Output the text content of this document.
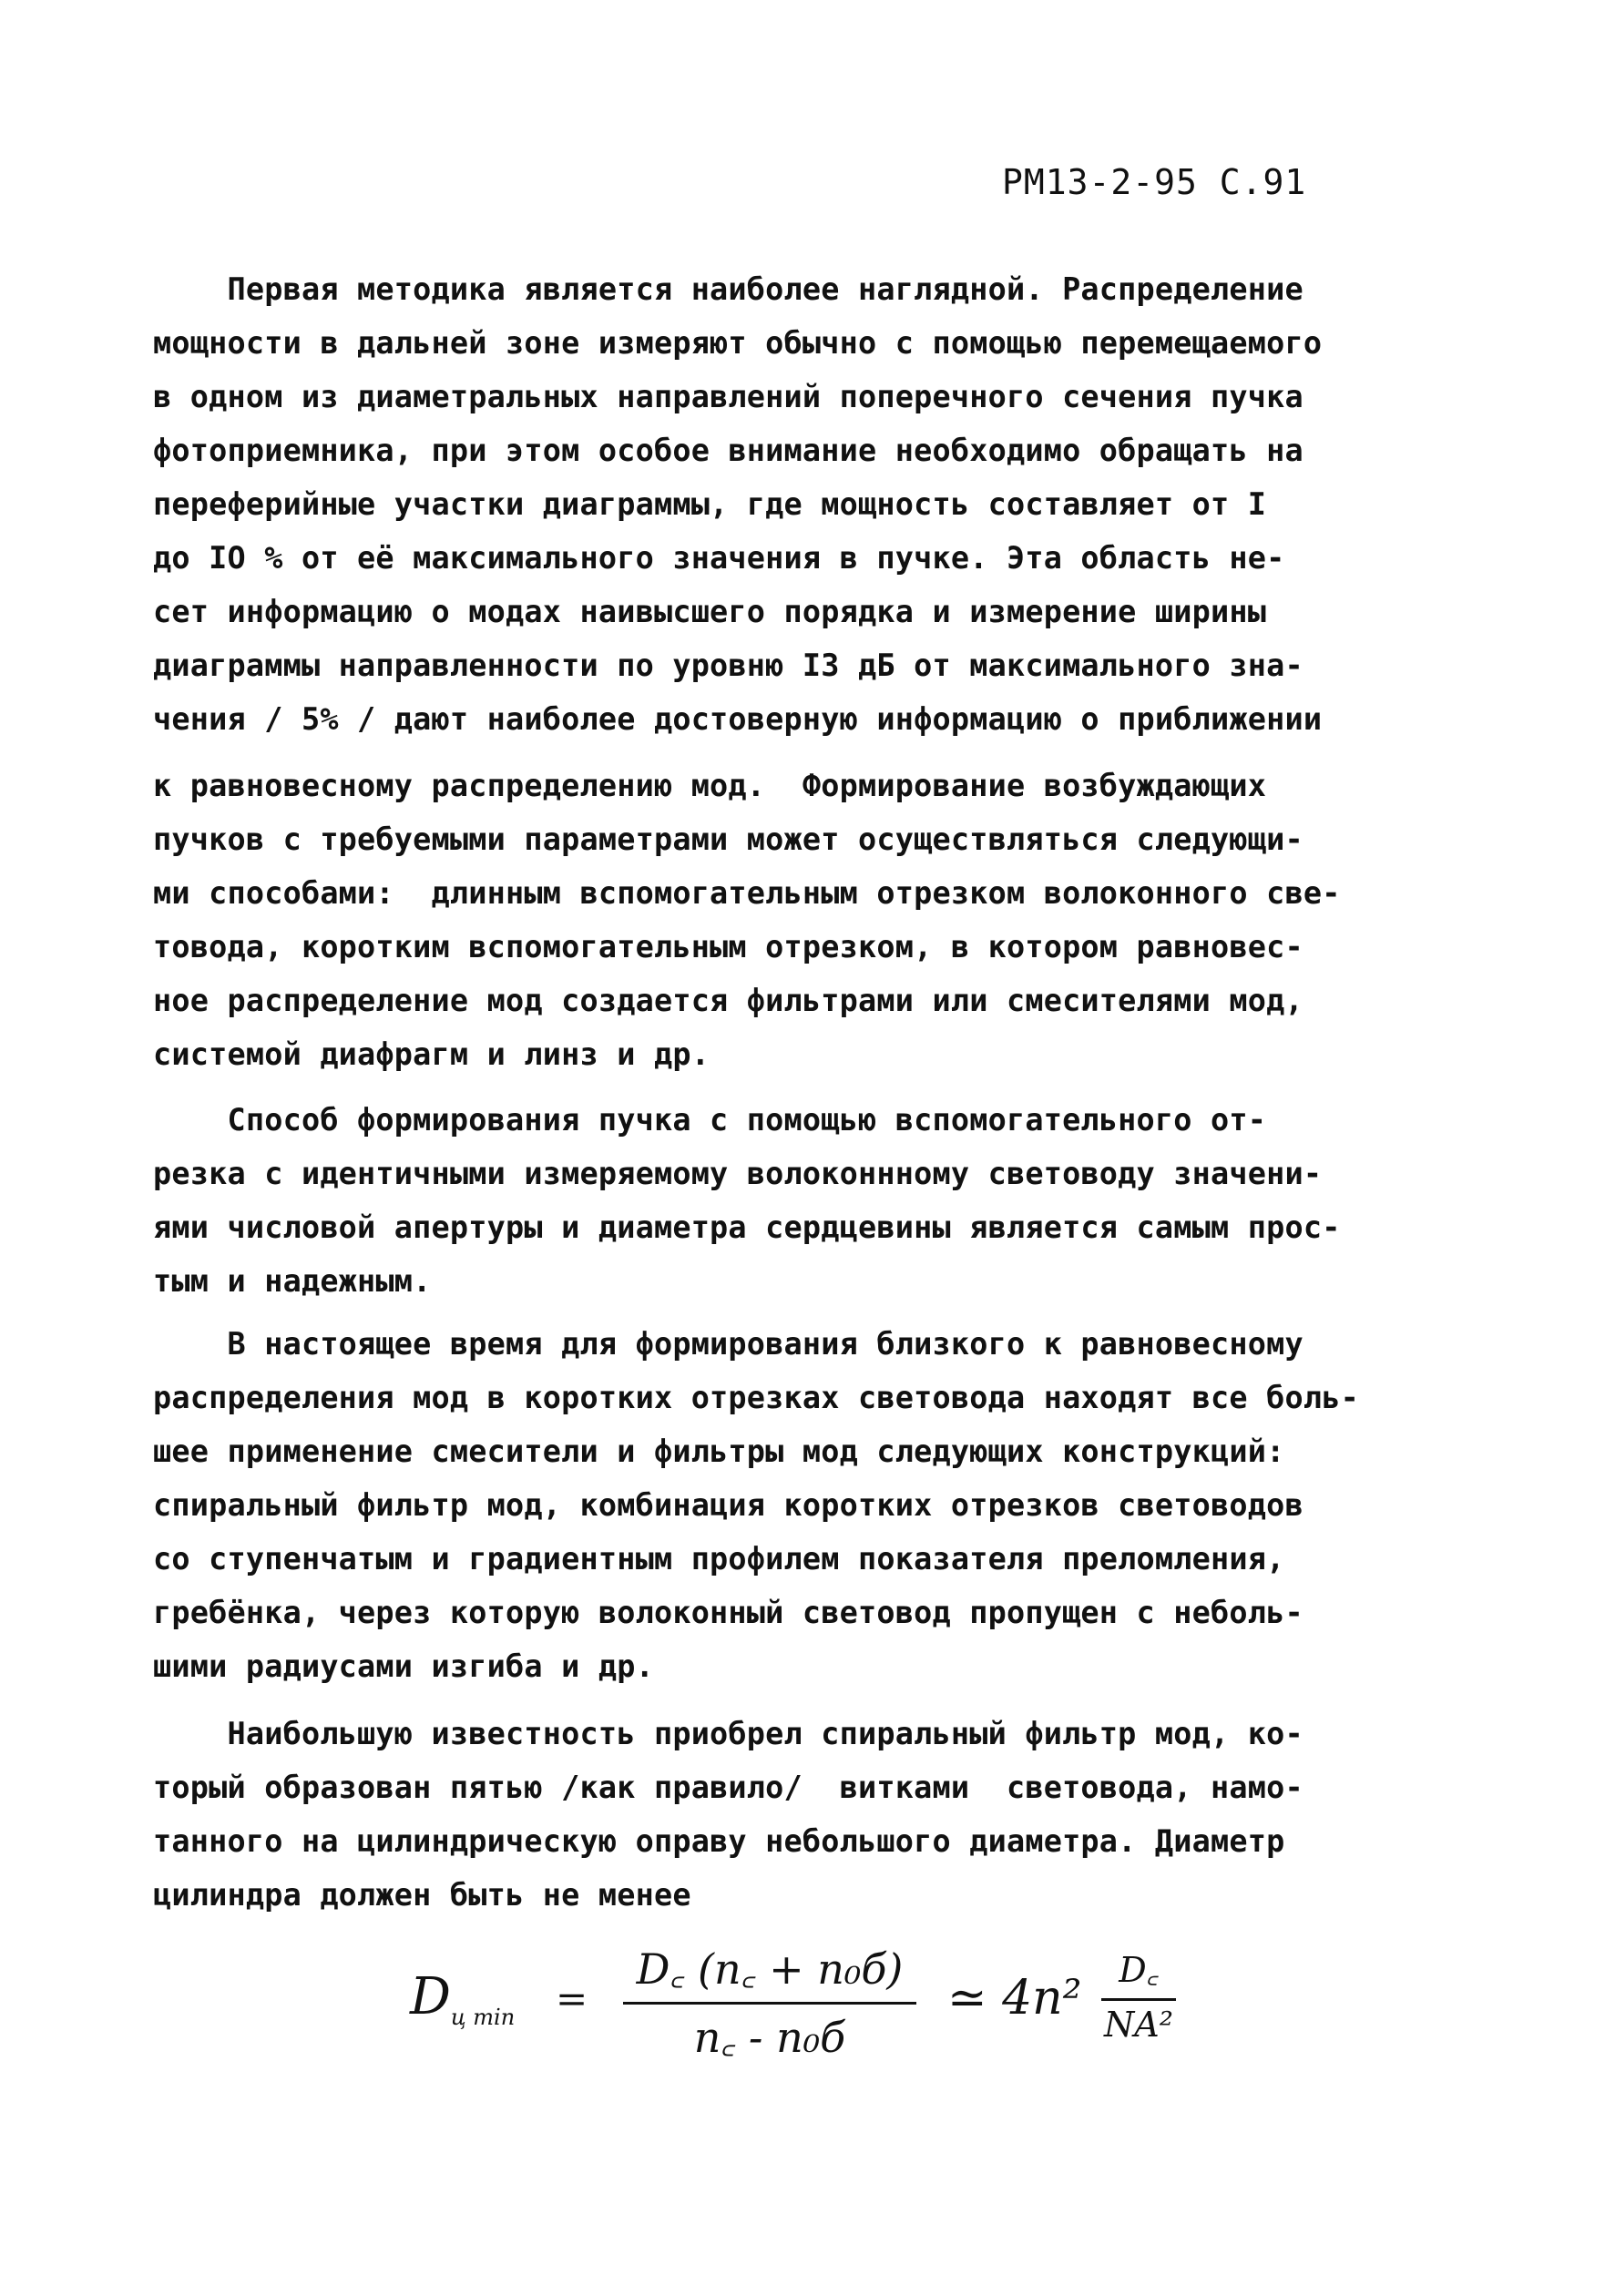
РМ13-2-95 С.91
Первая методика является наиболее наглядной. Распределение
мощности в дальней зоне измеряют обычно с помощью перемещаемого
в одном из диаметральных направлений поперечного сечения пучка
фотоприемника, при этом особое внимание необходимо обращать на
переферийные участки диаграммы, где мощность составляет от I
до IO % от её максимального значения в пучке. Эта область не-
сет информацию о модах наивысшего порядка и измерение ширины
диаграммы направленности по уровню I3 дБ от максимального зна-
чения / 5% / дают наиболее достоверную информацию о приближении
к равновесному распределению мод.  Формирование возбуждающих
пучков с требуемыми параметрами может осуществляться следующи-
ми способами:  длинным вспомогательным отрезком волоконного све-
товода, коротким вспомогательным отрезком, в котором равновес-
ное распределение мод создается фильтрами или смесителями мод,
системой диафрагм и линз и др.
Способ формирования пучка с помощью вспомогательного от-
резка с идентичными измеряемому волоконнному световоду значени-
ями числовой апертуры и диаметра сердцевины является самым прос-
тым и надежным.
В настоящее время для формирования близкого к равновесному
распределения мод в коротких отрезках световода находят все боль-
шее применение смесители и фильтры мод следующих конструкций:
спиральный фильтр мод, комбинация коротких отрезков световодов
со ступенчатым и градиентным профилем показателя преломления,
гребёнка, через которую волоконный световод пропущен с неболь-
шими радиусами изгиба и др.
Наибольшую известность приобрел спиральный фильтр мод, ко-
торый образован пятью /как правило/  витками  световода, намо-
танного на цилиндрическую оправу небольшого диаметра. Диаметр
цилиндра должен быть не менее
$D_{ц min}$ =
D꜀ (n꜀ + n₀б)
n꜀ - n₀б
≃ 4n²
D꜀
NA²
